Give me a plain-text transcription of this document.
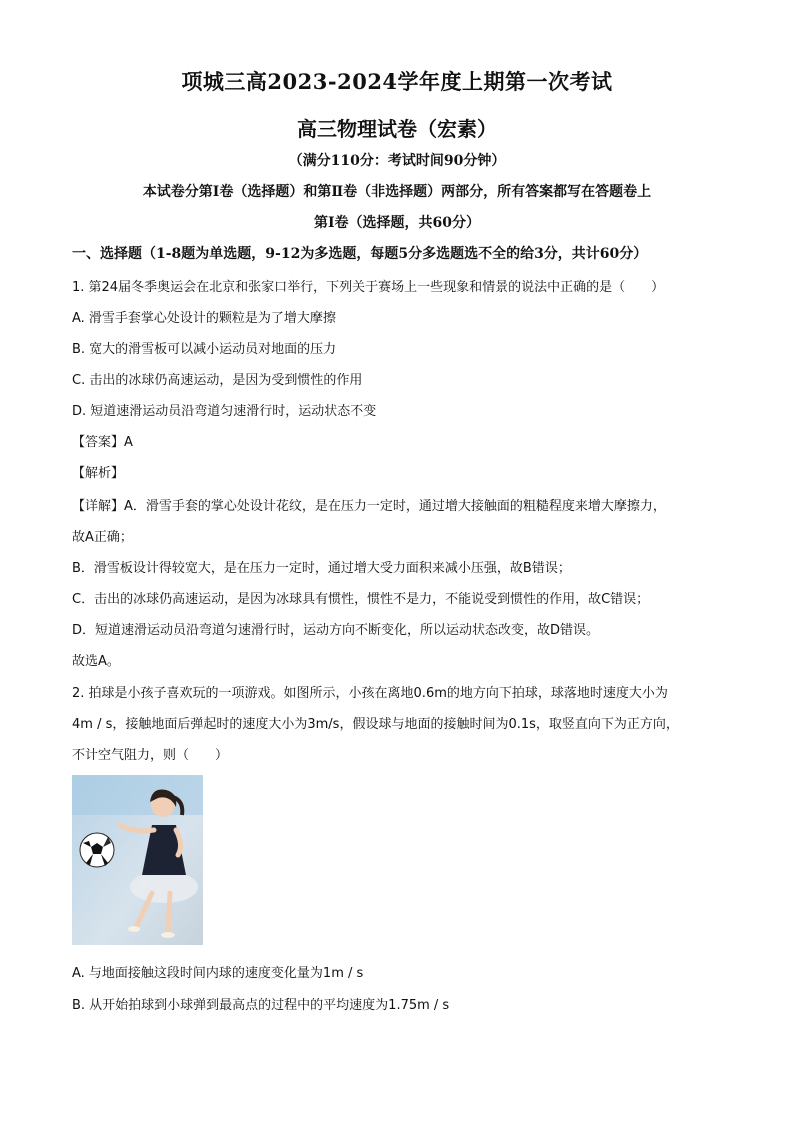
项城三高2023-2024学年度上期第一次考试
高三物理试卷（宏素）
（满分110分：考试时间90分钟）
本试卷分第Ⅰ卷（选择题）和第Ⅱ卷（非选择题）两部分，所有答案都写在答题卷上
第Ⅰ卷（选择题，共60分）
一、选择题（1-8题为单选题，9-12为多选题，每题5分多选题选不全的给3分，共计60分）
1. 第24届冬季奥运会在北京和张家口举行，下列关于赛场上一些现象和情景的说法中正确的是（　　）
A. 滑雪手套掌心处设计的颗粒是为了增大摩擦
B. 宽大的滑雪板可以减小运动员对地面的压力
C. 击出的冰球仍高速运动，是因为受到惯性的作用
D. 短道速滑运动员沿弯道匀速滑行时，运动状态不变
【答案】A
【解析】
【详解】A．滑雪手套的掌心处设计花纹，是在压力一定时，通过增大接触面的粗糙程度来增大摩擦力，
故A正确；
B．滑雪板设计得较宽大，是在压力一定时，通过增大受力面积来减小压强，故B错误；
C．击出的冰球仍高速运动，是因为冰球具有惯性，惯性不是力，不能说受到惯性的作用，故C错误；
D．短道速滑运动员沿弯道匀速滑行时，运动方向不断变化，所以运动状态改变，故D错误。
故选A。
2. 拍球是小孩子喜欢玩的一项游戏。如图所示，小孩在离地0.6m的地方向下拍球，球落地时速度大小为
4m / s，接触地面后弹起时的速度大小为3m/s，假设球与地面的接触时间为0.1s，取竖直向下为正方向，
不计空气阻力，则（　　）
A. 与地面接触这段时间内球的速度变化量为1m / s
B. 从开始拍球到小球弹到最高点的过程中的平均速度为1.75m / s
